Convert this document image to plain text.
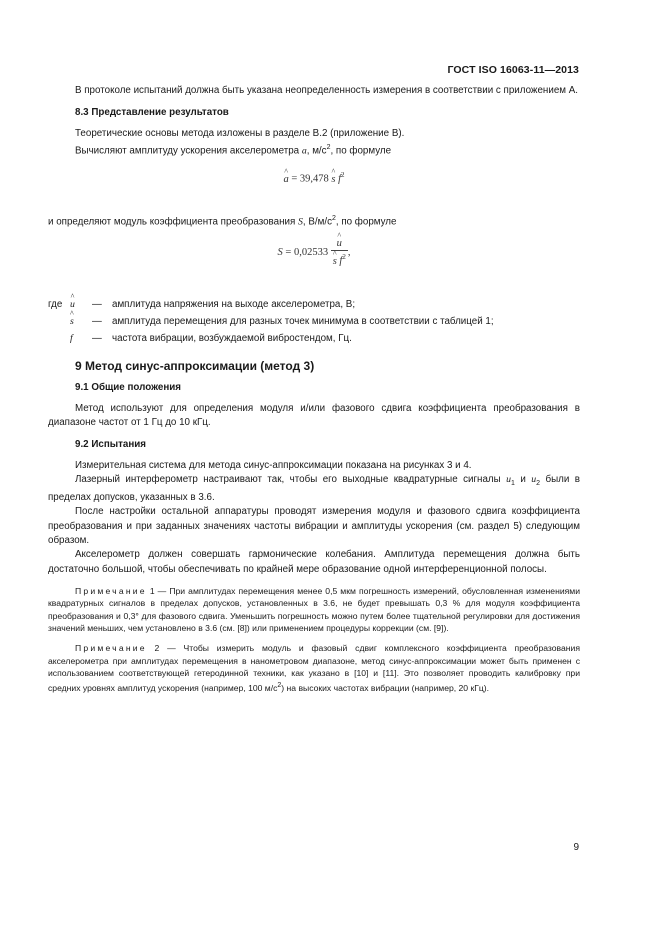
ГОСТ ISO 16063-11—2013

В протоколе испытаний должна быть указана неопределенность измерения в соответствии с приложением А.

8.3 Представление результатов

Теоретические основы метода изложены в разделе В.2 (приложение В).

Вычисляют амплитуду ускорения акселерометра a, $м/с^2$, по формуле

^ a = 39,478 ^ s $f^2$

и определяют модуль коэффициента преобразования S, $В/м/с^2$, по формуле

S = 0,02533 ^ u
^ s $f^2$ ,
где ^ u	—	амплитуда напряжения на выходе акселерометра, В;
^ s	—	амплитуда перемещения для разных точек минимума в соответствии с таблицей 1;
f	—	частота вибрации, возбуждаемой вибростендом, Гц.
9 Метод синус-аппроксимации (метод 3)
9.1 Общие положения

Метод используют для определения модуля и/или фазового сдвига коэффициента преобразования в диапазоне частот от 1 Гц до 10 кГц.

9.2 Испытания

Измерительная система для метода синус-аппроксимации показана на рисунках 3 и 4.

Лазерный интерферометр настраивают так, чтобы его выходные квадратурные сигналы $u_1$ и $u_2$ были в пределах допусков, указанных в 3.6.

После настройки остальной аппаратуры проводят измерения модуля и фазового сдвига коэффициента преобразования и при заданных значениях частоты вибрации и амплитуды ускорения (см. раздел 5) следующим образом.

Акселерометр должен совершать гармонические колебания. Амплитуда перемещения должна быть достаточно большой, чтобы обеспечивать по крайней мере образование одной интерференционной полосы.

Примечание 1 — При амплитудах перемещения менее 0,5 мкм погрешность измерений, обусловленная изменениями квадратурных сигналов в пределах допусков, установленных в 3.6, не будет превышать 0,3 % для модуля коэффициента преобразования и 0,3° для фазового сдвига. Уменьшить погрешность можно путем более тщательной регулировки для достижения значений меньших, чем установлено в 3.6 (см. [8]) или применением процедуры коррекции (см. [9]).

Примечание 2 — Чтобы измерить модуль и фазовый сдвиг комплексного коэффициента преобразования акселерометра при амплитудах перемещения в нанометровом диапазоне, метод синус-аппроксимации может быть применен с использованием соответствующей гетеродинной техники, как указано в [10] и [11]. Это позволяет проводить калибровку при средних уровнях амплитуд ускорения (например, 100 $м/с^2$) на высоких частотах вибрации (например, 20 кГц).

9
